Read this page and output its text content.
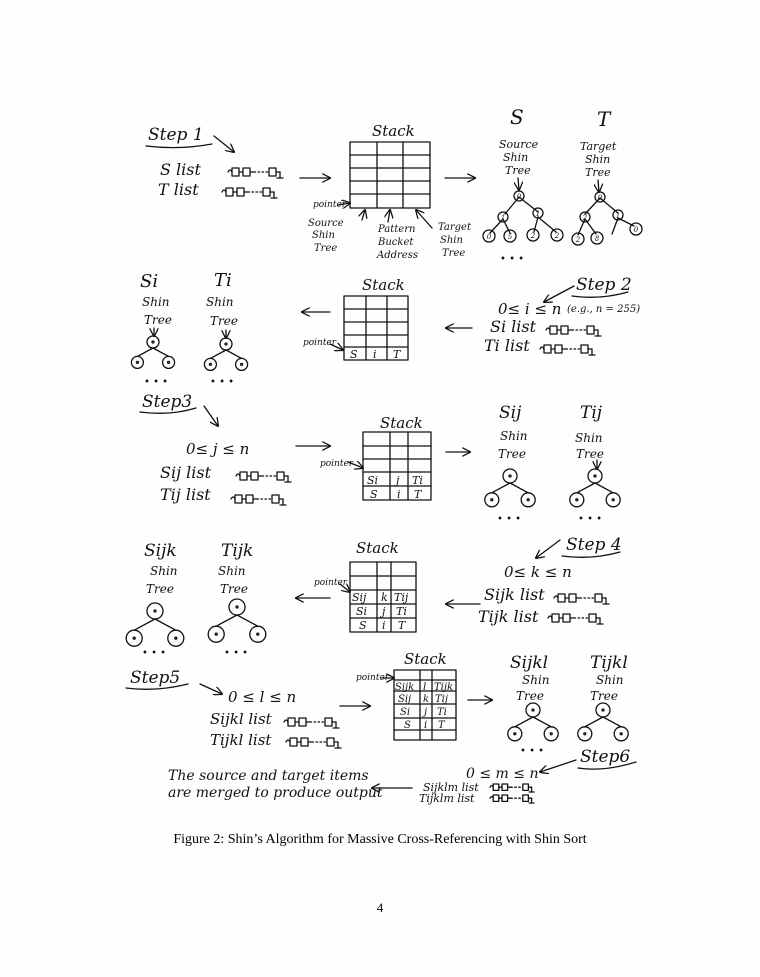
Step 1
S list
T list
Stack
pointer
Source
Shin
Tree
Pattern
Bucket
Address
Target
Shin
Tree
S	T
Source
Shin
Tree
Target
Shin
Tree
0
1	1
0 5	2	2
• • •
0
2	1
2 8
0
Si	Ti
Shin
Tree
Shin
Tree
• • •	• • •
Stack
S i T
pointer
Step 2
0≤ i ≤ n (e.g., n = 255)
Si list
Ti list
Step3
0≤ j ≤ n
Sij list
Tij list
Stack
Si j Ti
S i T
pointer
Sij	Tij
Shin
Tree
Shin
Tree
• • •	• • •
Sijk	Tijk
Shin
Tree
Shin
Tree
• • •	• • •
Stack
Sij k Tij
Si j Ti
S i T
pointer
Step 4
0≤ k ≤ n
Sijk list
Tijk list
Step5
0 ≤ l ≤ n
Sijkl list
Tijkl list
Stack
Sijk l Tijk
Sij k Tij
Si j Ti
S i T
pointer
Sijkl Tijkl
Shin
Tree
Shin
Tree
• • • Step6
0 ≤ m ≤ n
Sijklm list
Tijklm list
The source and target items
are merged to produce output
Figure 2: Shin’s Algorithm for Massive Cross-Referencing with Shin Sort
4
